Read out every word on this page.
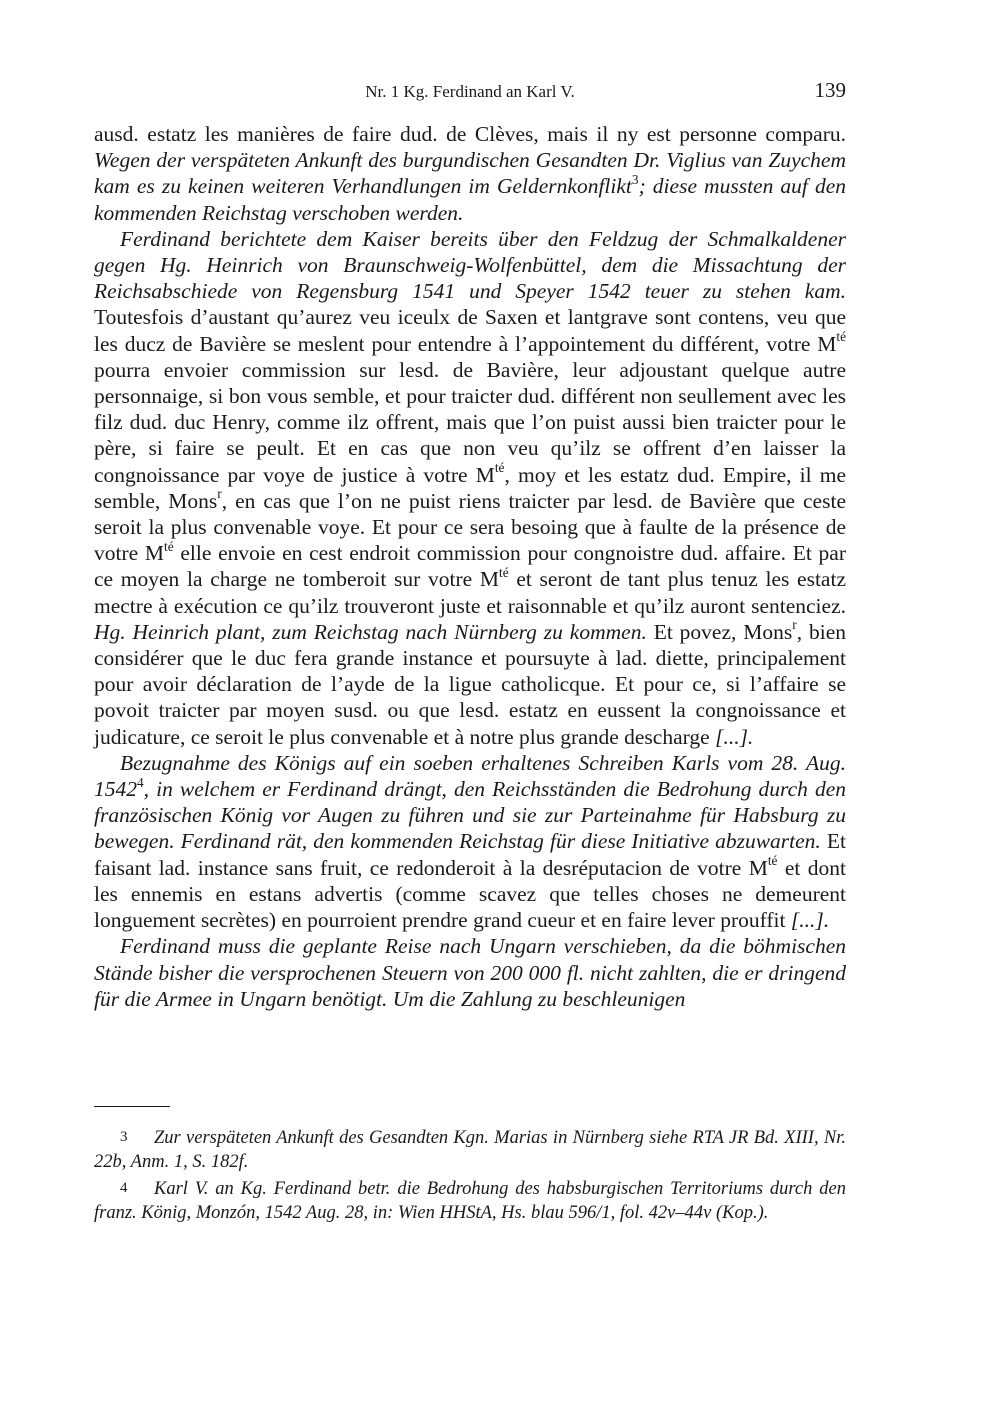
Nr. 1 Kg. Ferdinand an Karl V.	139

ausd. estatz les manières de faire dud. de Clèves, mais il ny est personne comparu. Wegen der verspäteten Ankunft des burgundischen Gesandten Dr. Viglius van Zuychem kam es zu keinen weiteren Verhandlungen im Geldernkonflikt$^3$; diese mussten auf den kommenden Reichstag verschoben werden.

Ferdinand berichtete dem Kaiser bereits über den Feldzug der Schmalkaldener gegen Hg. Heinrich von Braunschweig-Wolfenbüttel, dem die Missachtung der Reichsabschiede von Regensburg 1541 und Speyer 1542 teuer zu stehen kam. Toutesfois d’austant qu’aurez veu iceulx de Saxen et lantgrave sont contens, veu que les ducz de Bavière se meslent pour entendre à l’appointement du différent, votre $M^{té}$ pourra envoier commission sur lesd. de Bavière, leur adjoustant quelque autre personnaige, si bon vous semble, et pour traicter dud. différent non seullement avec les filz dud. duc Henry, comme ilz offrent, mais que l’on puist aussi bien traicter pour le père, si faire se peult. Et en cas que non veu qu’ilz se offrent d’en laisser la congnoissance par voye de justice à votre $M^{té}$, moy et les estatz dud. Empire, il me semble, Mons$^r$, en cas que l’on ne puist riens traicter par lesd. de Bavière que ceste seroit la plus convenable voye. Et pour ce sera besoing que à faulte de la présence de votre $M^{té}$ elle envoie en cest endroit commission pour congnoistre dud. affaire. Et par ce moyen la charge ne tomberoit sur votre $M^{té}$ et seront de tant plus tenuz les estatz mectre à exécution ce qu’ilz trouveront juste et raisonnable et qu’ilz auront sentenciez. Hg. Heinrich plant, zum Reichstag nach Nürnberg zu kommen. Et povez, Mons$^r$, bien considérer que le duc fera grande instance et poursuyte à lad. diette, principalement pour avoir déclaration de l’ayde de la ligue catholicque. Et pour ce, si l’affaire se povoit traicter par moyen susd. ou que lesd. estatz en eussent la congnoissance et judicature, ce seroit le plus convenable et à notre plus grande descharge [...].

Bezugnahme des Königs auf ein soeben erhaltenes Schreiben Karls vom 28. Aug. 1542$^4$, in welchem er Ferdinand drängt, den Reichsständen die Bedrohung durch den französischen König vor Augen zu führen und sie zur Parteinahme für Habsburg zu bewegen. Ferdinand rät, den kommenden Reichstag für diese Initiative abzuwarten. Et faisant lad. instance sans fruit, ce redonderoit à la desréputacion de votre $M^{té}$ et dont les ennemis en estans advertis (comme scavez que telles choses ne demeurent longuement secrètes) en pourroient prendre grand cueur et en faire lever prouffit [...].

Ferdinand muss die geplante Reise nach Ungarn verschieben, da die böhmischen Stände bisher die versprochenen Steuern von 200 000 fl. nicht zahlten, die er dringend für die Armee in Ungarn benötigt. Um die Zahlung zu beschleunigen

3 Zur verspäteten Ankunft des Gesandten Kgn. Marias in Nürnberg siehe RTA JR Bd. XIII, Nr. 22b, Anm. 1, S. 182f.

4 Karl V. an Kg. Ferdinand betr. die Bedrohung des habsburgischen Territoriums durch den franz. König, Monzón, 1542 Aug. 28, in: Wien HHStA, Hs. blau 596/1, fol. 42v–44v (Kop.).
